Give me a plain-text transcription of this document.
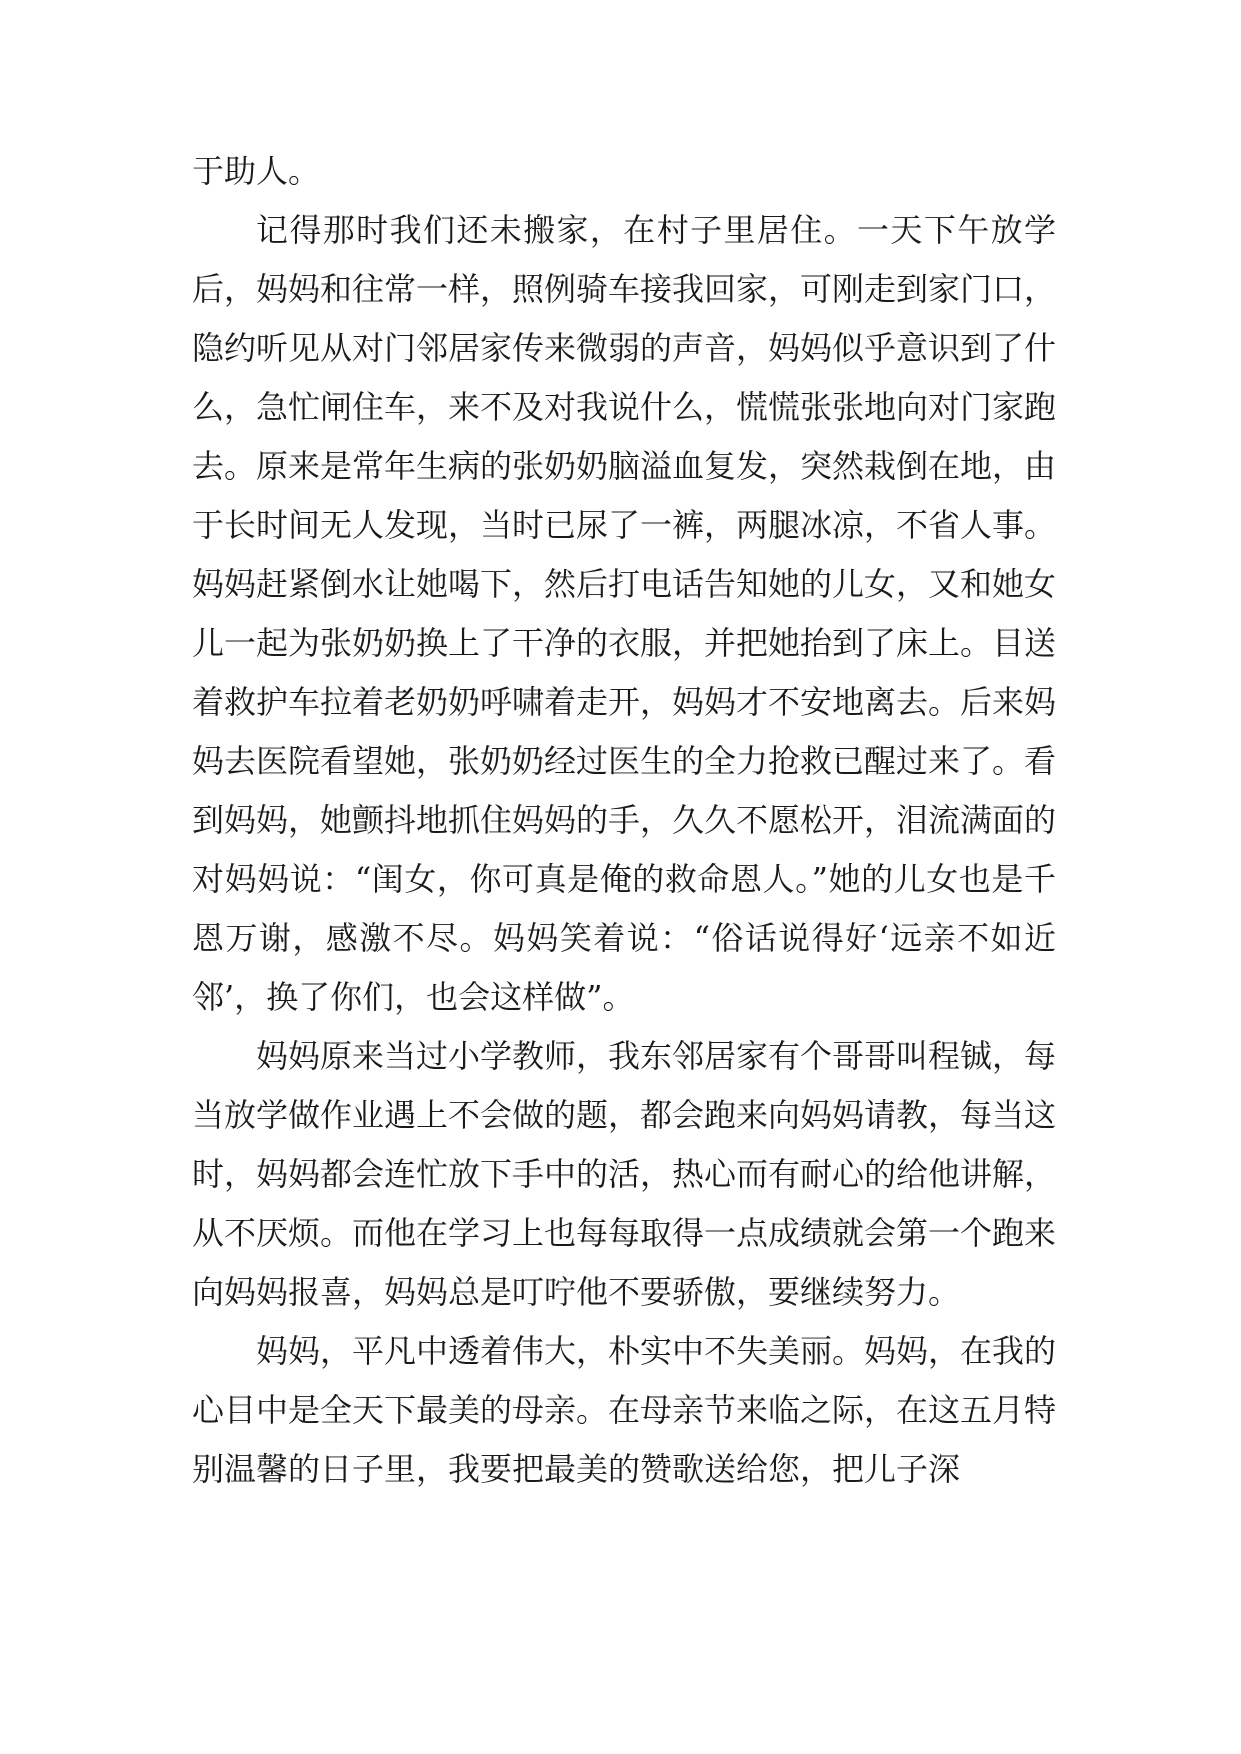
于助人。

记得那时我们还未搬家，在村子里居住。一天下午放学后，妈妈和往常一样，照例骑车接我回家，可刚走到家门口，隐约听见从对门邻居家传来微弱的声音，妈妈似乎意识到了什么，急忙闸住车，来不及对我说什么，慌慌张张地向对门家跑去。原来是常年生病的张奶奶脑溢血复发，突然栽倒在地，由于长时间无人发现，当时已尿了一裤，两腿冰凉，不省人事。妈妈赶紧倒水让她喝下，然后打电话告知她的儿女，又和她女儿一起为张奶奶换上了干净的衣服，并把她抬到了床上。目送着救护车拉着老奶奶呼啸着走开，妈妈才不安地离去。后来妈妈去医院看望她，张奶奶经过医生的全力抢救已醒过来了。看到妈妈，她颤抖地抓住妈妈的手，久久不愿松开，泪流满面的对妈妈说：“闺女，你可真是俺的救命恩人。”她的儿女也是千恩万谢，感激不尽。妈妈笑着说：“俗话说得好‘远亲不如近邻’，换了你们，也会这样做”。

妈妈原来当过小学教师，我东邻居家有个哥哥叫程铖，每当放学做作业遇上不会做的题，都会跑来向妈妈请教，每当这时，妈妈都会连忙放下手中的活，热心而有耐心的给他讲解，从不厌烦。而他在学习上也每每取得一点成绩就会第一个跑来向妈妈报喜，妈妈总是叮咛他不要骄傲，要继续努力。

妈妈，平凡中透着伟大，朴实中不失美丽。妈妈，在我的心目中是全天下最美的母亲。在母亲节来临之际，在这五月特别温馨的日子里，我要把最美的赞歌送给您，把儿子深
